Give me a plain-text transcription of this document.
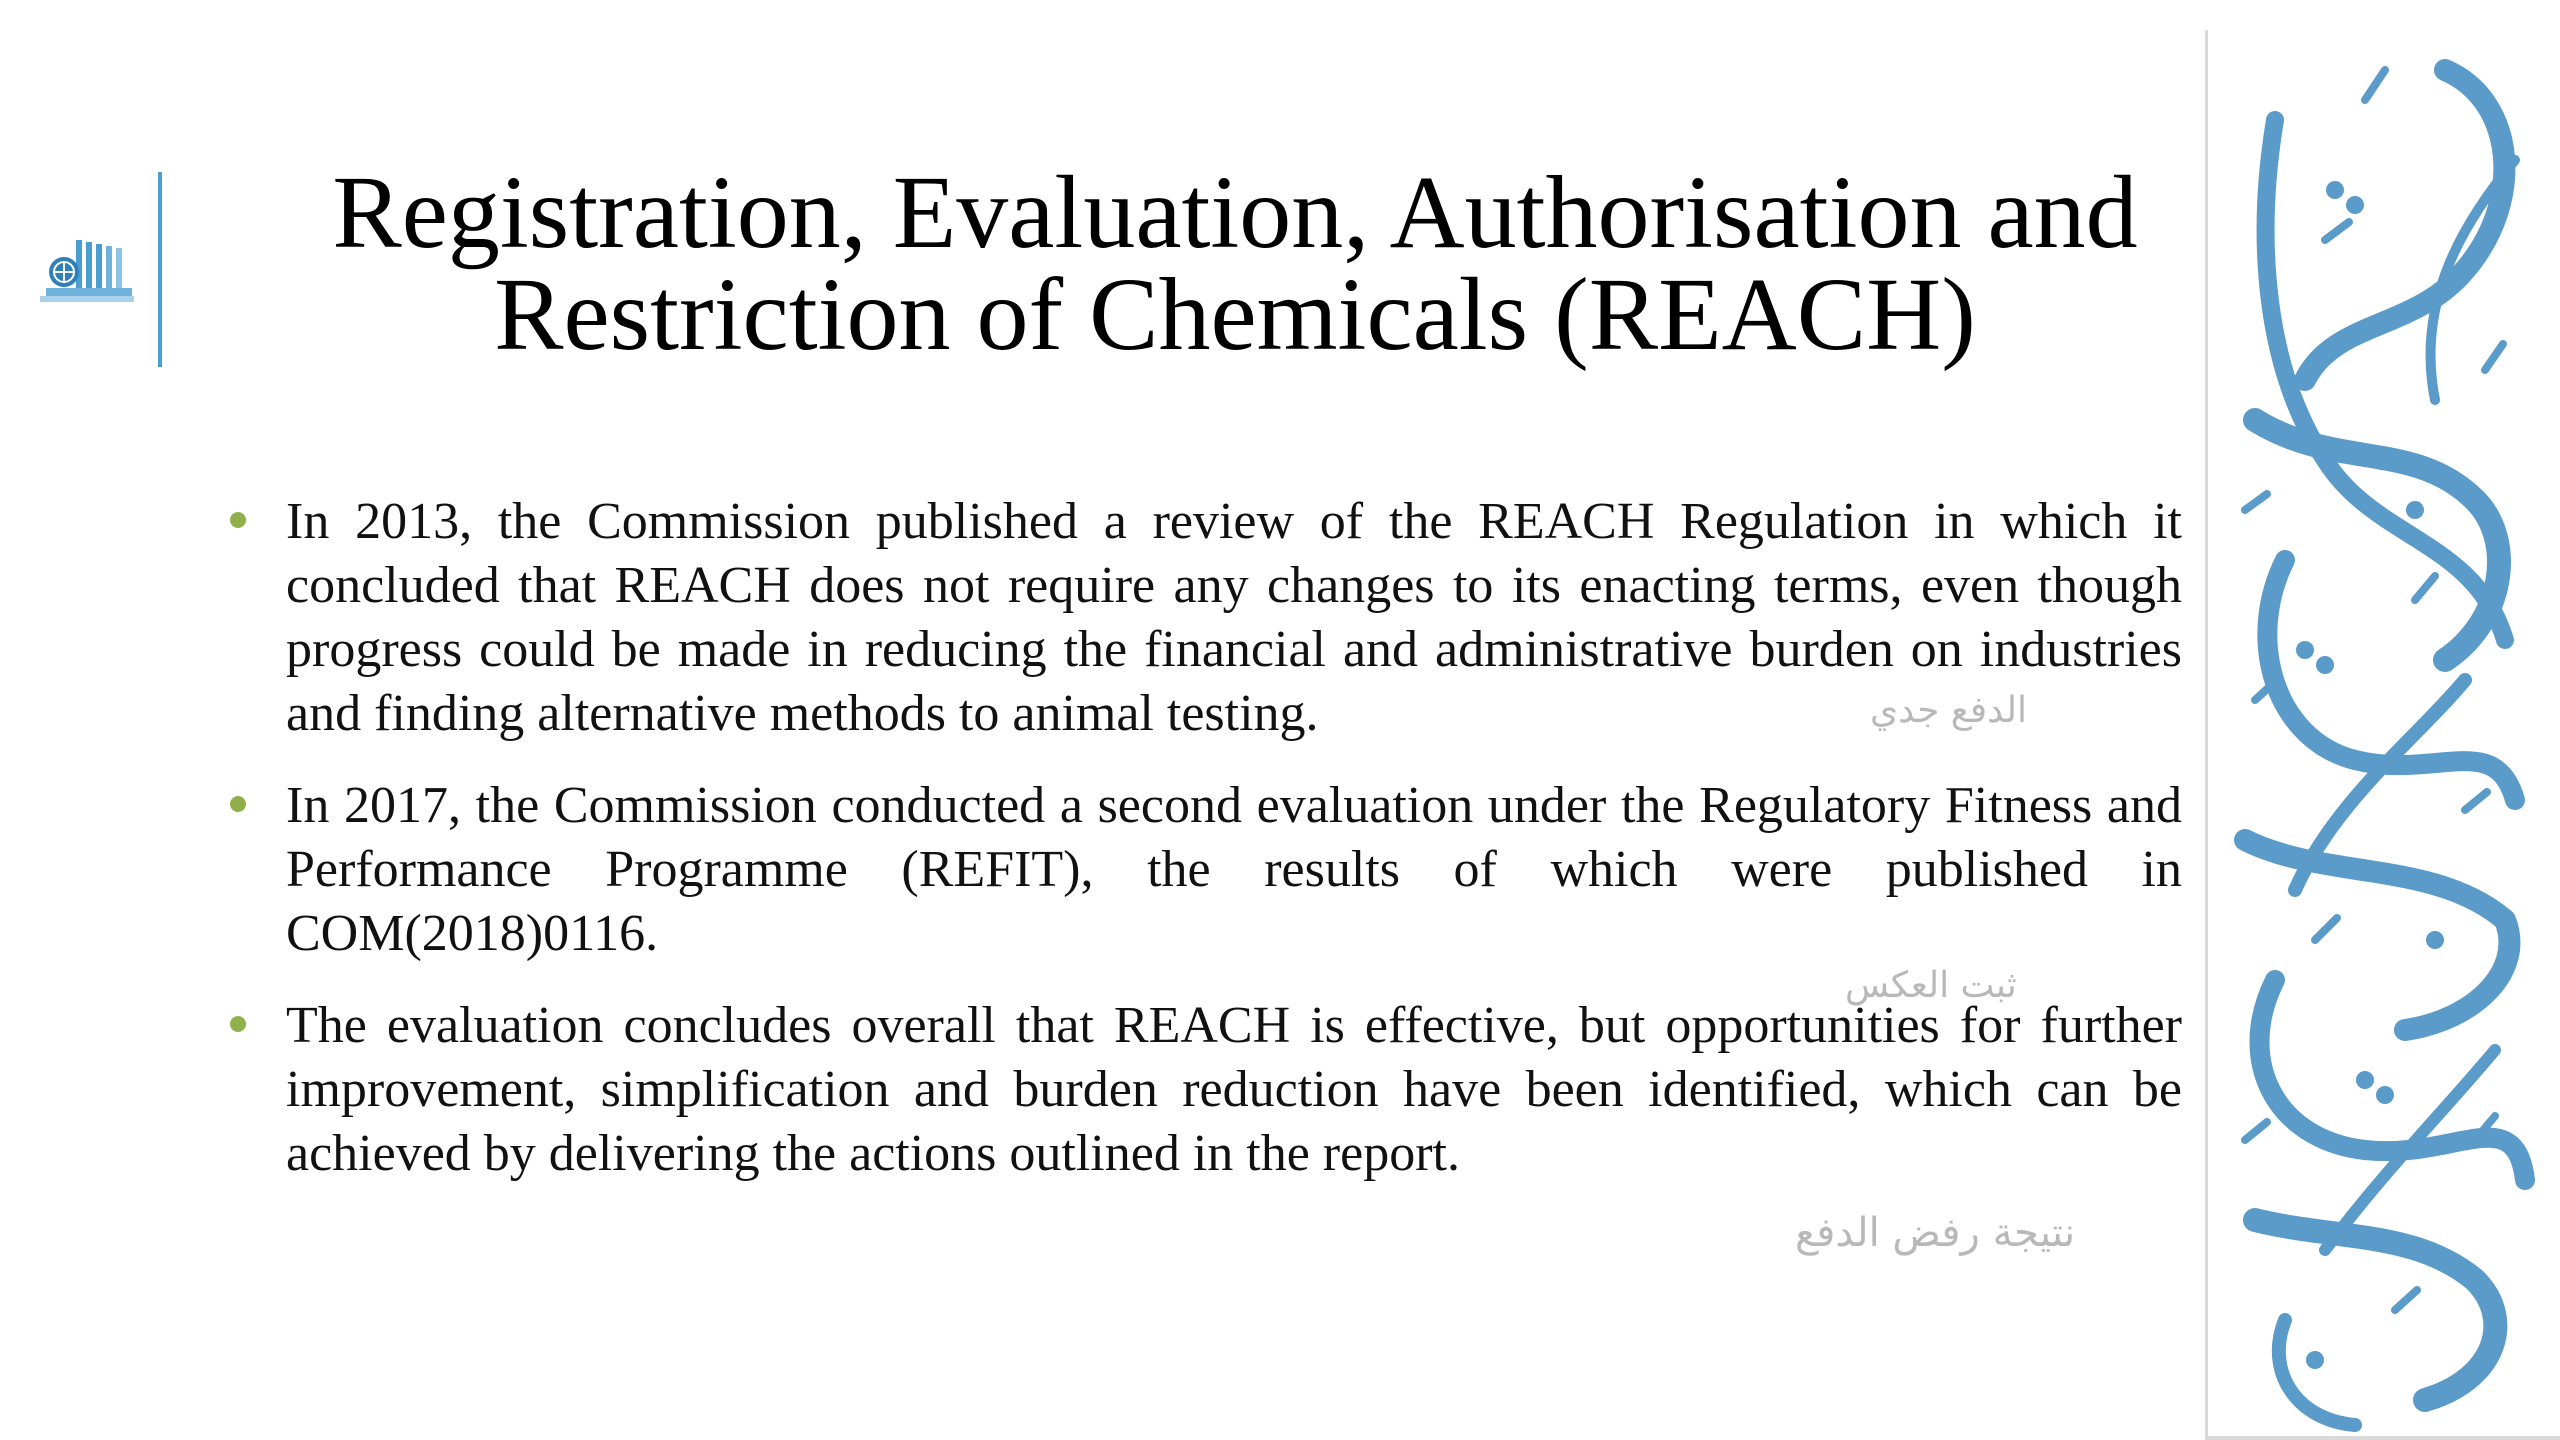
Registration, Evaluation, Authorisation and
Restriction of Chemicals (REACH)
In 2013, the Commission published a review of the REACH Regulation in which it concluded that REACH does not require any changes to its enacting terms, even though progress could be made in reducing the financial and administrative burden on industries and finding alternative methods to animal testing.
In 2017, the Commission conducted a second evaluation under the Regulatory Fitness and Performance Programme (REFIT), the results of which were published in COM(2018)0116.
The evaluation concludes overall that REACH is effective, but opportunities for further improvement, simplification and burden reduction have been identified, which can be achieved by delivering the actions outlined in the report.
الدفع جدي
ثبت العكس
نتيجة رفض الدفع
